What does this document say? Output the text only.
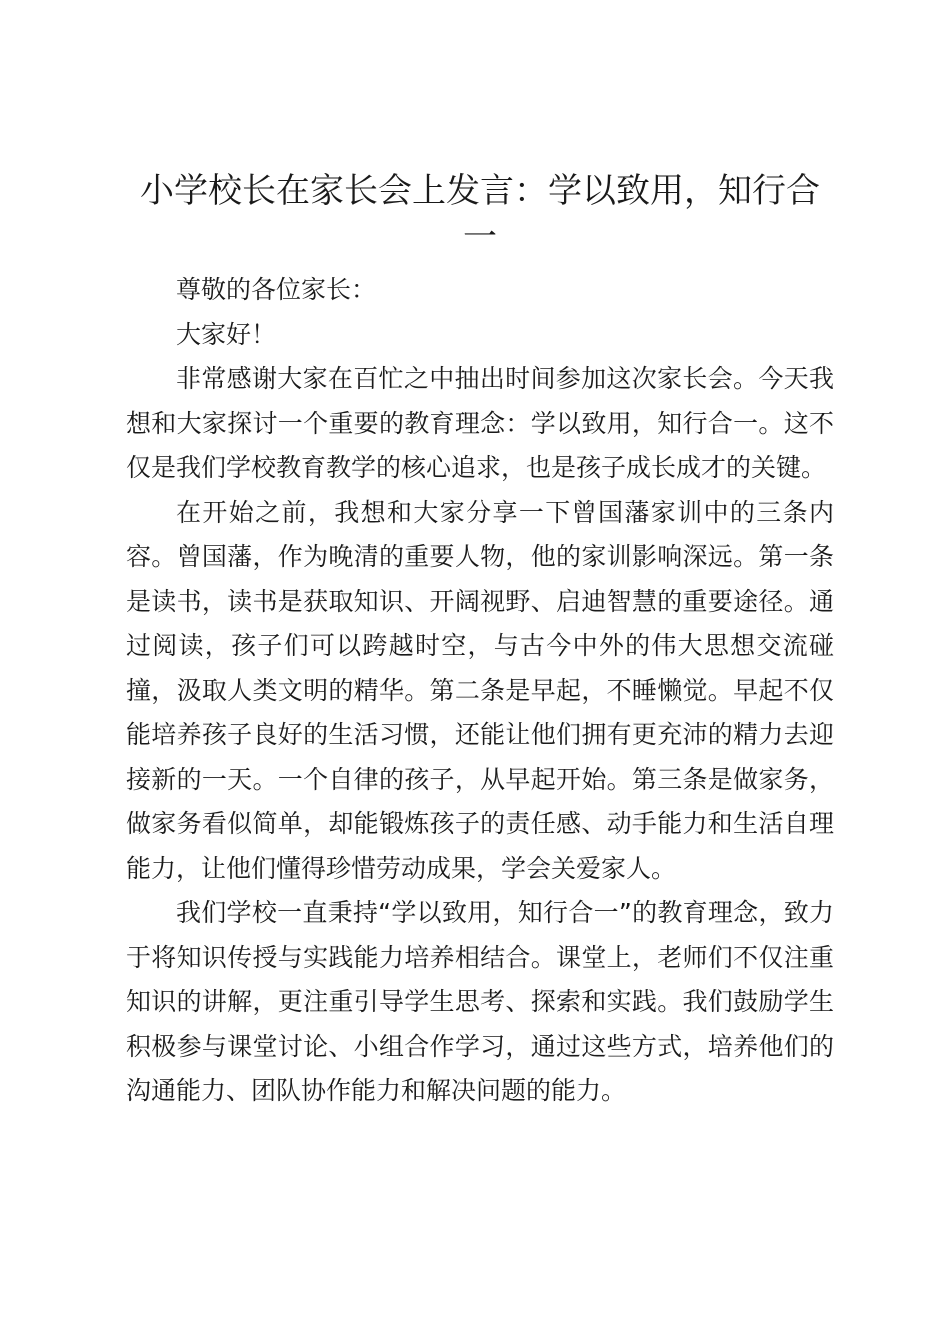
小学校长在家长会上发言：学以致用，知行合一

尊敬的各位家长：

大家好！

非常感谢大家在百忙之中抽出时间参加这次家长会。今天我想和大家探讨一个重要的教育理念：学以致用，知行合一。这不仅是我们学校教育教学的核心追求，也是孩子成长成才的关键。

在开始之前，我想和大家分享一下曾国藩家训中的三条内容。曾国藩，作为晚清的重要人物，他的家训影响深远。第一条是读书，读书是获取知识、开阔视野、启迪智慧的重要途径。通过阅读，孩子们可以跨越时空，与古今中外的伟大思想交流碰撞，汲取人类文明的精华。第二条是早起，不睡懒觉。早起不仅能培养孩子良好的生活习惯，还能让他们拥有更充沛的精力去迎接新的一天。一个自律的孩子，从早起开始。第三条是做家务，做家务看似简单，却能锻炼孩子的责任感、动手能力和生活自理能力，让他们懂得珍惜劳动成果，学会关爱家人。

我们学校一直秉持“学以致用，知行合一”的教育理念，致力于将知识传授与实践能力培养相结合。课堂上，老师们不仅注重知识的讲解，更注重引导学生思考、探索和实践。我们鼓励学生积极参与课堂讨论、小组合作学习，通过这些方式，培养他们的沟通能力、团队协作能力和解决问题的能力。
